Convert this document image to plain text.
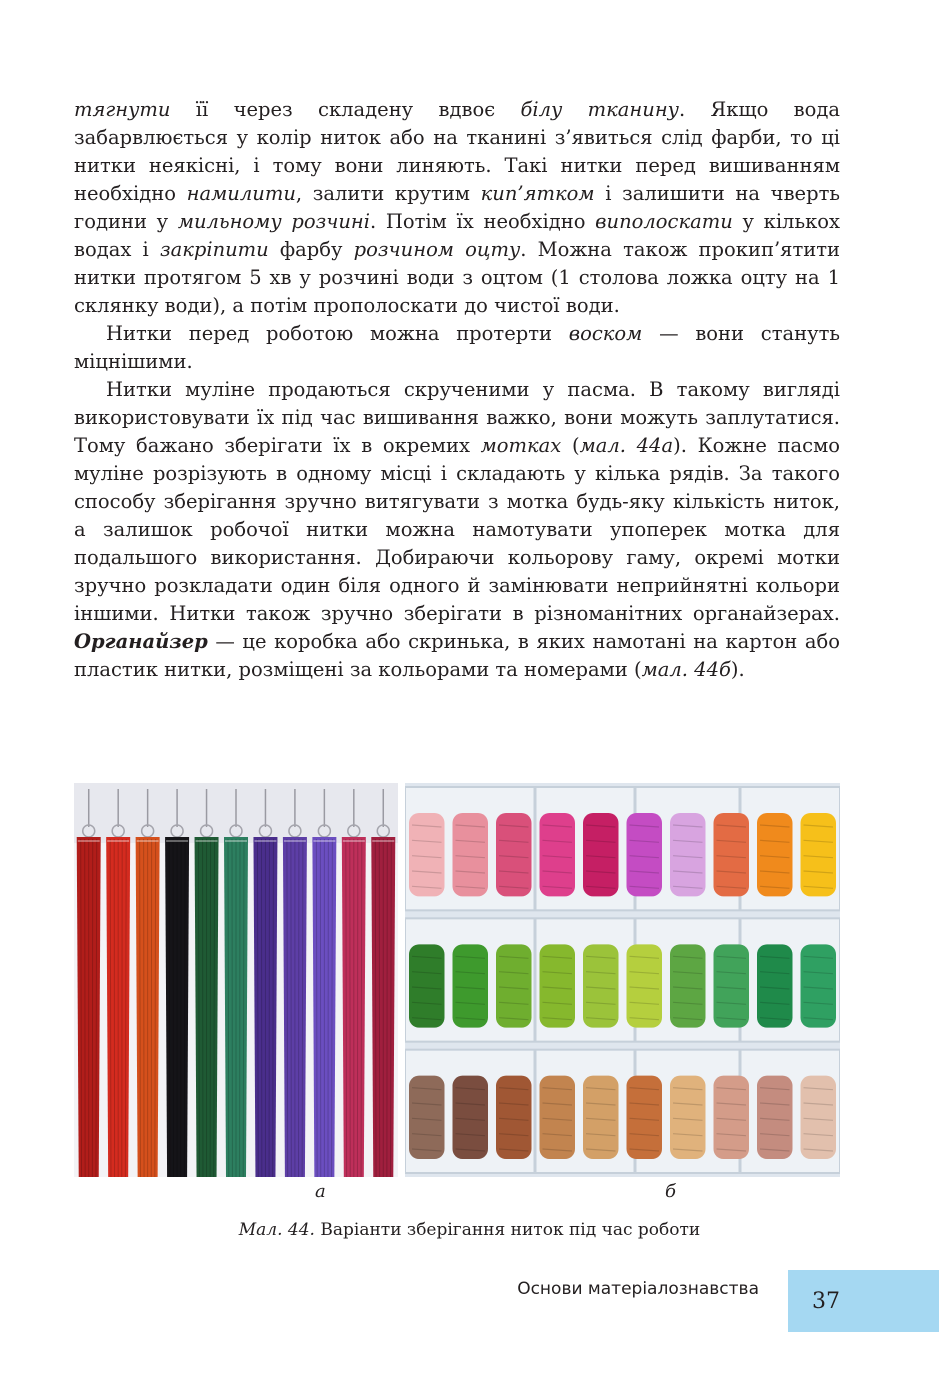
тягнути її через складену вдвоє білу тканину. Якщо вода забарвлюється у колір ниток або на тканині з’явиться слід фарби, то ці нитки неякісні, і тому вони линяють. Такі нитки перед вишиванням необхідно намилити, залити крутим кип’ятком і залишити на чверть години у мильному розчині. Потім їх необхідно виполоскати у кількох водах і закріпити фарбу розчином оцту. Можна також прокип’ятити нитки протягом 5 хв у розчині води з оцтом (1 столова ложка оцту на 1 склянку води), а потім прополоскати до чистої води.

Нитки перед роботою можна протерти воском — вони стануть міцнішими.

Нитки муліне продаються скрученими у пасма. В такому вигляді використовувати їх під час вишивання важко, вони можуть заплутатися. Тому бажано зберігати їх в окремих мотках (мал. 44а). Кожне пасмо муліне розрізують в одному місці і складають у кілька рядів. За такого способу зберігання зручно витягувати з мотка будь-яку кількість ниток, а залишок робочої нитки можна намотувати упоперек мотка для подальшого використання. Добираючи кольорову гаму, окремі мотки зручно розкладати один біля одного й замінювати неприйнятні кольори іншими. Нитки також зручно зберігати в різноманітних органайзерах. Органайзер — це коробка або скринька, в яких намотані на картон або пластик нитки, розміщені за кольорами та номерами (мал. 44б).

а	б
Мал. 44. Варіанти зберігання ниток під час роботи
Основи матеріалознавства 37
